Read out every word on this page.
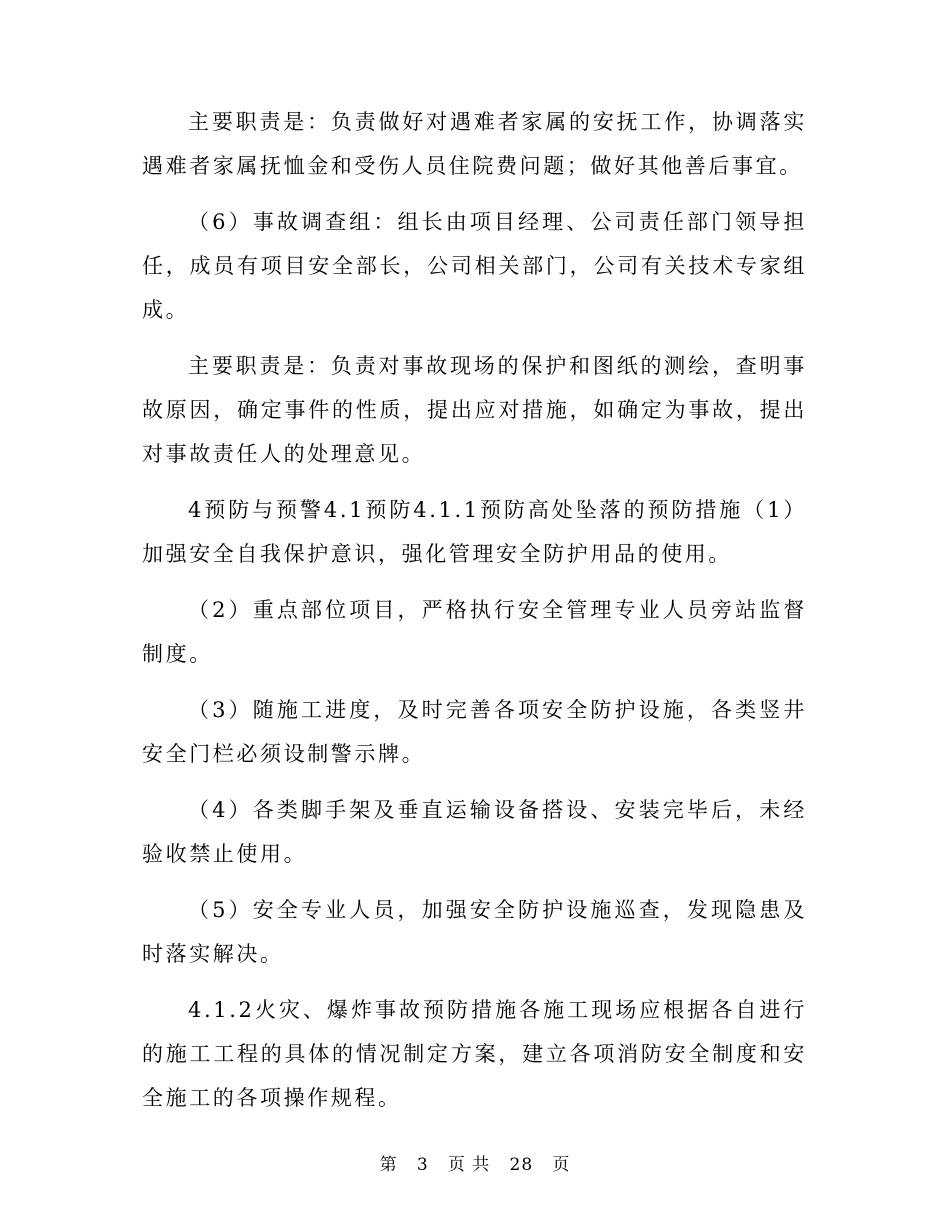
主要职责是：负责做好对遇难者家属的安抚工作，协调落实遇难者家属抚恤金和受伤人员住院费问题；做好其他善后事宜。

（6）事故调查组：组长由项目经理、公司责任部门领导担任，成员有项目安全部长，公司相关部门，公司有关技术专家组成。

主要职责是：负责对事故现场的保护和图纸的测绘，查明事故原因，确定事件的性质，提出应对措施，如确定为事故，提出对事故责任人的处理意见。

4预防与预警4.1预防4.1.1预防高处坠落的预防措施（1）加强安全自我保护意识，强化管理安全防护用品的使用。

（2）重点部位项目，严格执行安全管理专业人员旁站监督制度。

（3）随施工进度，及时完善各项安全防护设施，各类竖井安全门栏必须设制警示牌。

（4）各类脚手架及垂直运输设备搭设、安装完毕后，未经验收禁止使用。

（5）安全专业人员，加强安全防护设施巡查，发现隐患及时落实解决。

4.1.2火灾、爆炸事故预防措施各施工现场应根据各自进行的施工工程的具体的情况制定方案，建立各项消防安全制度和安全施工的各项操作规程。

第 3 页 共 28 页
